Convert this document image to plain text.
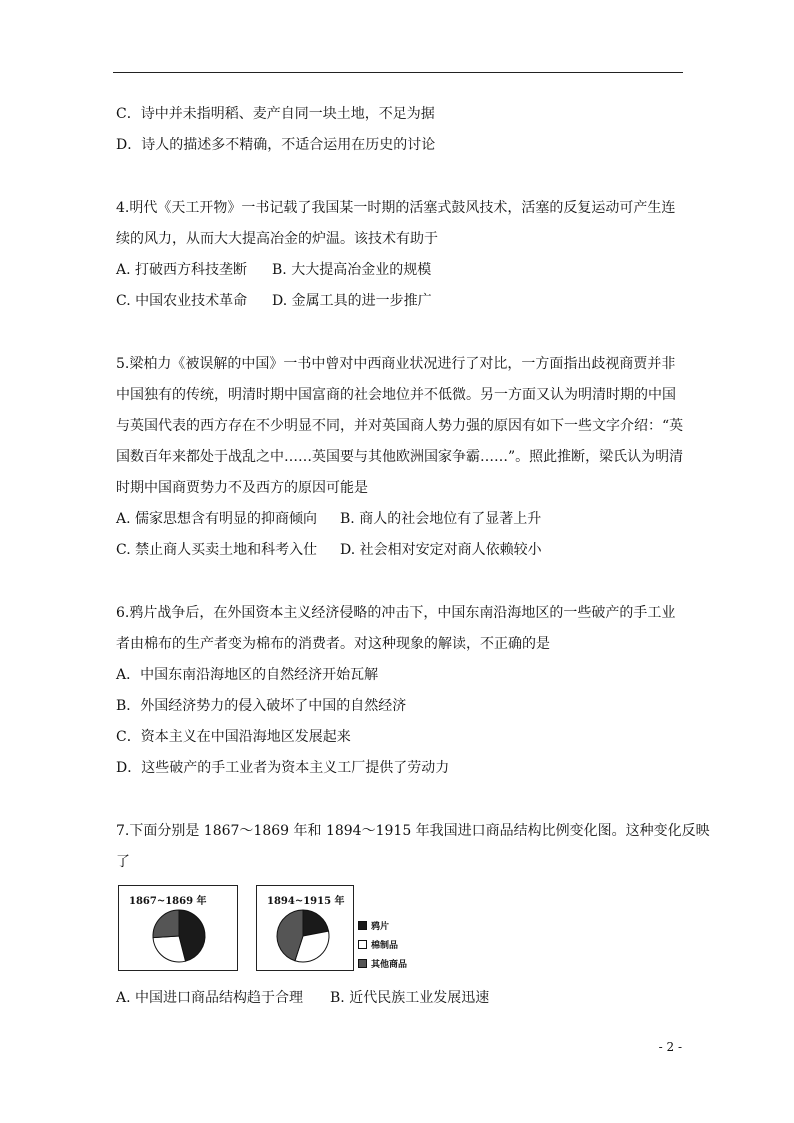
C．诗中并未指明稻、麦产自同一块土地，不足为据
D．诗人的描述多不精确，不适合运用在历史的讨论
4.明代《天工开物》一书记载了我国某一时期的活塞式鼓风技术，活塞的反复运动可产生连
续的风力，从而大大提高冶金的炉温。该技术有助于
A. 打破西方科技垄断 B. 大大提高冶金业的规模
C. 中国农业技术革命 D. 金属工具的进一步推广
5.梁柏力《被误解的中国》一书中曾对中西商业状况进行了对比，一方面指出歧视商贾并非
中国独有的传统，明清时期中国富商的社会地位并不低微。另一方面又认为明清时期的中国
与英国代表的西方存在不少明显不同，并对英国商人势力强的原因有如下一些文字介绍：“英
国数百年来都处于战乱之中……英国要与其他欧洲国家争霸……”。照此推断，梁氏认为明清
时期中国商贾势力不及西方的原因可能是
A. 儒家思想含有明显的抑商倾向 B. 商人的社会地位有了显著上升
C. 禁止商人买卖土地和科考入仕 D. 社会相对安定对商人依赖较小
6.鸦片战争后，在外国资本主义经济侵略的冲击下，中国东南沿海地区的一些破产的手工业
者由棉布的生产者变为棉布的消费者。对这种现象的解读，不正确的是
A．中国东南沿海地区的自然经济开始瓦解
B．外国经济势力的侵入破坏了中国的自然经济
C．资本主义在中国沿海地区发展起来
D．这些破产的手工业者为资本主义工厂提供了劳动力
7.下面分别是 1867～1869 年和 1894～1915 年我国进口商品结构比例变化图。这种变化反映
了
1867~1869 年	1894~1915 年
鸦片
棉制品
其他商品
A. 中国进口商品结构趋于合理 B. 近代民族工业发展迅速
- 2 -
